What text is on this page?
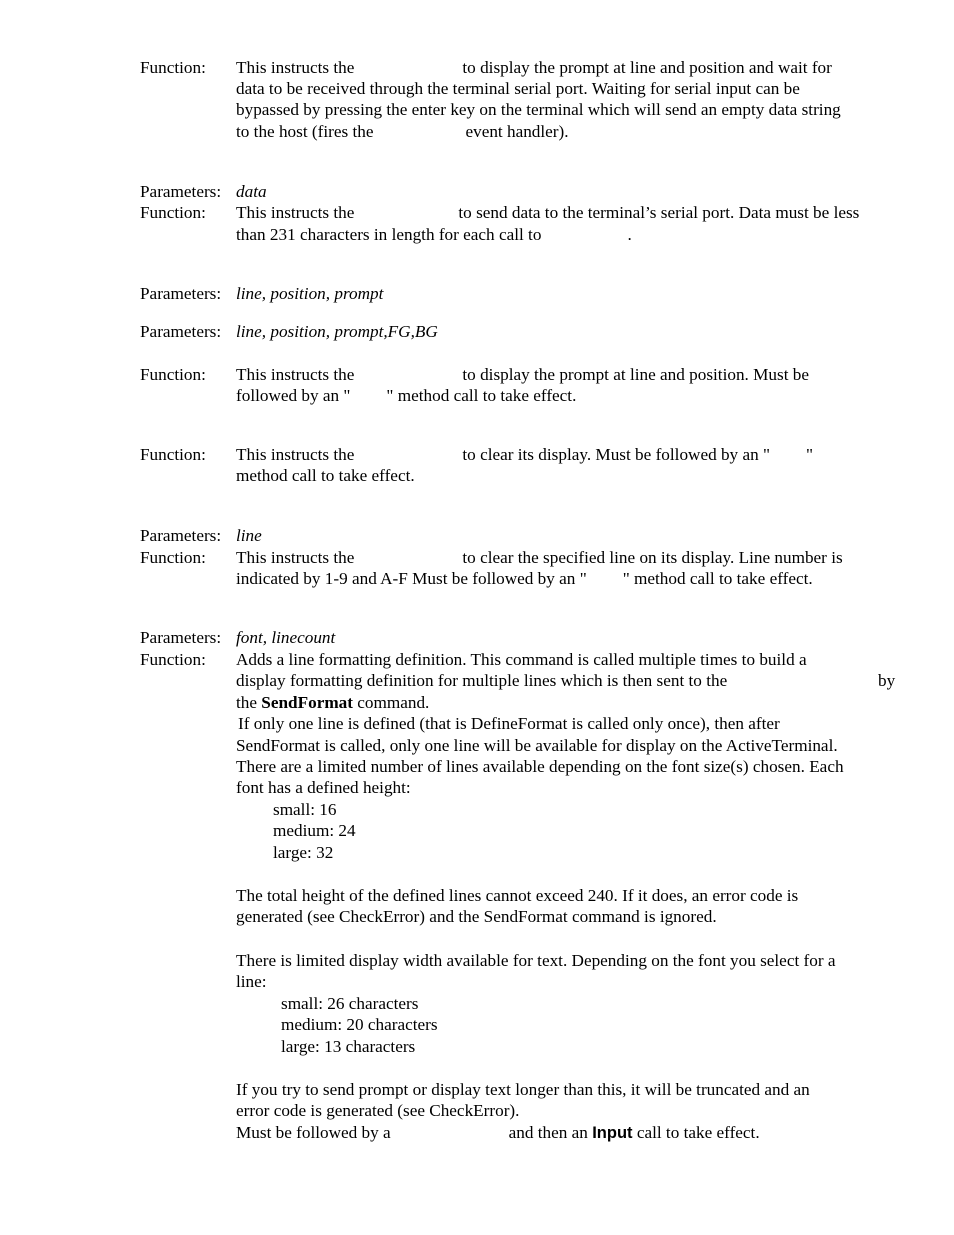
Function: This instructs the	to display the prompt at line and position and wait for
data to be received through the terminal serial port. Waiting for serial input can be
bypassed by pressing the enter key on the terminal which will send an empty data string
to the host (fires the	event handler).
Parameters: data
Function: This instructs the	to send data to the terminal’s serial port. Data must be less
than 231 characters in length for each call to	.
Parameters: line, position, prompt
Parameters: line, position, prompt,FG,BG
Function: This instructs the	to display the prompt at line and position. Must be
followed by an " " method call to take effect.
Function: This instructs the	to clear its display. Must be followed by an " "
method call to take effect.
Parameters: line
Function: This instructs the	to clear the specified line on its display. Line number is
indicated by 1-9 and A-F Must be followed by an " " method call to take effect.
Parameters: font, linecount
Function: Adds a line formatting definition. This command is called multiple times to build a
display formatting definition for multiple lines which is then sent to the	by
the SendFormat command.
If only one line is defined (that is DefineFormat is called only once), then after
SendFormat is called, only one line will be available for display on the ActiveTerminal.
There are a limited number of lines available depending on the font size(s) chosen. Each
font has a defined height:
small: 16
medium: 24
large: 32
The total height of the defined lines cannot exceed 240. If it does, an error code is
generated (see CheckError) and the SendFormat command is ignored.
There is limited display width available for text. Depending on the font you select for a
line:
small: 26 characters
medium: 20 characters
large: 13 characters
If you try to send prompt or display text longer than this, it will be truncated and an
error code is generated (see CheckError).
Must be followed by a	and then an Input call to take effect.
